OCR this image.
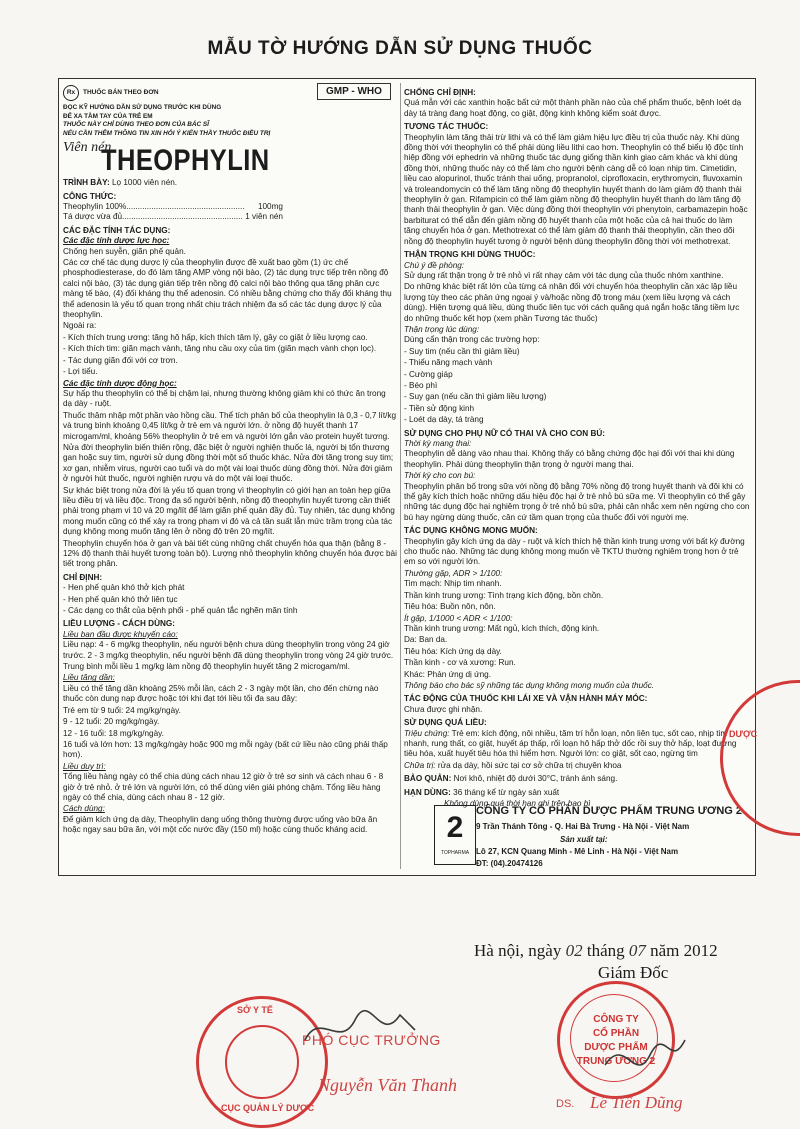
MẪU TỜ HƯỚNG DẪN SỬ DỤNG THUỐC
Rx	THUỐC BÁN THEO ĐƠN
ĐỌC KỸ HƯỚNG DẪN SỬ DỤNG TRƯỚC KHI DÙNG
ĐỂ XA TẦM TAY CỦA TRẺ EM
THUỐC NÀY CHỈ DÙNG THEO ĐƠN CỦA BÁC SĨ
NẾU CẦN THÊM THÔNG TIN XIN HỎI Ý KIẾN THẦY THUỐC ĐIỀU TRỊ
Viên nén
THEOPHYLIN

TRÌNH BÀY: Lọ 1000 viên nén.

CÔNG THỨC:
Theophylin 100%.................................................... 100mg
Tá dược vừa đủ..................................................... 1 viên nén
CÁC ĐẶC TÍNH TÁC DỤNG:
Các đặc tính dược lực học:

Chống hen suyễn, giãn phế quản.

Các cơ chế tác dụng dược lý của theophylin được đề xuất bao gồm (1) ức chế phosphodiesterase, do đó làm tăng AMP vòng nội bào, (2) tác dụng trực tiếp trên nồng độ calci nội bào, (3) tác dụng gián tiếp trên nồng độ calci nội bào thông qua tăng phân cực màng tế bào, (4) đối kháng thụ thể adenosin. Có nhiều bằng chứng cho thấy đối kháng thụ thể adenosin là yếu tố quan trọng nhất chịu trách nhiệm đa số các tác dụng dược lý của theophylin.

Ngoài ra:

- Kích thích trung ương: tăng hô hấp, kích thích tâm lý, gây co giật ở liều lượng cao.

- Kích thích tim: giãn mạch vành, tăng nhu cầu oxy của tim (giãn mạch vành chọn lọc).

- Tác dụng giãn đối với cơ trơn.

- Lợi tiểu.

Các đặc tính dược động học:

Sự hấp thu theophylin có thể bị chậm lại, nhưng thường không giảm khi có thức ăn trong dạ dày - ruột.

Thuốc thâm nhập một phần vào hồng cầu. Thể tích phân bố của theophylin là 0,3 - 0,7 lít/kg và trung bình khoảng 0,45 lít/kg ở trẻ em và người lớn. ở nồng độ huyết thanh 17 microgam/ml, khoảng 56% theophylin ở trẻ em và người lớn gắn vào protein huyết tương.

Nửa đời theophylin biến thiên rộng, đặc biệt ở người nghiện thuốc lá, người bị tổn thương gan hoặc suy tim, người sử dụng đồng thời một số thuốc khác. Nửa đời tăng trong suy tim; xơ gan, nhiễm virus, người cao tuổi và do một vài loại thuốc dùng đồng thời. Nửa đời giảm ở người hút thuốc, người nghiện rượu và do một vài loại thuốc.

Sự khác biệt trong nửa đời là yếu tố quan trọng vì theophylin có giới hạn an toàn hẹp giữa liều điều trị và liều độc. Trong đa số người bệnh, nồng độ theophylin huyết tương cần thiết phải trong phạm vi 10 và 20 mg/lít để làm giãn phế quản đầy đủ. Tuy nhiên, tác dụng không mong muốn cũng có thể xảy ra trong phạm vi đó và cả tần suất lẫn mức trầm trọng của tác dụng không mong muốn tăng lên ở nồng độ trên 20 mg/lít.

Theophylin chuyển hóa ở gan và bài tiết cùng những chất chuyển hóa qua thận (bằng 8 - 12% độ thanh thải huyết tương toàn bộ). Lượng nhỏ theophylin không chuyển hóa được bài tiết trong phân.

CHỈ ĐỊNH:

- Hen phế quản khó thở kịch phát

- Hen phế quản khó thở liên tục

- Các dạng co thắt của bệnh phổi - phế quản tắc nghẽn mãn tính

LIỀU LƯỢNG - CÁCH DÙNG:
Liều ban đầu được khuyến cáo:

Liều nạp: 4 - 6 mg/kg theophylin, nếu người bệnh chưa dùng theophylin trong vòng 24 giờ trước. 2 - 3 mg/kg theophylin, nếu người bệnh đã dùng theophylin trong vòng 24 giờ trước.

Trung bình mỗi liều 1 mg/kg làm nồng độ theophylin huyết tăng 2 microgam/ml.

Liều tăng dần:

Liều có thể tăng dần khoảng 25% mỗi lần, cách 2 - 3 ngày một lần, cho đến chừng nào thuốc còn dung nạp được hoặc tới khi đạt tới liều tối đa sau đây:

Trẻ em từ 9 tuổi: 24 mg/kg/ngày.

9 - 12 tuổi: 20 mg/kg/ngày.

12 - 16 tuổi: 18 mg/kg/ngày.

16 tuổi và lớn hơn: 13 mg/kg/ngày hoặc 900 mg mỗi ngày (bất cứ liều nào cũng phải thấp hơn).

Liều duy trì:

Tổng liều hàng ngày có thể chia dùng cách nhau 12 giờ ở trẻ sơ sinh và cách nhau 6 - 8 giờ ở trẻ nhỏ. ở trẻ lớn và người lớn, có thể dùng viên giải phóng chậm. Tổng liều hàng ngày có thể chia, dùng cách nhau 8 - 12 giờ.

Cách dùng:

Để giảm kích ứng dạ dày, Theophylin dạng uống thông thường được uống vào bữa ăn hoặc ngay sau bữa ăn, với một cốc nước đầy (150 ml) hoặc cùng thuốc kháng acid.

GMP - WHO	CHỐNG CHỈ ĐỊNH:

Quá mẫn với các xanthin hoặc bất cứ một thành phần nào của chế phẩm thuốc, bệnh loét dạ dày tá tràng đang hoạt động, co giật, động kinh không kiểm soát được.

TƯƠNG TÁC THUỐC:

Theophylin làm tăng thải trừ lithi và có thể làm giảm hiệu lực điều trị của thuốc này. Khi dùng đồng thời với theophylin có thể phải dùng liều lithi cao hơn. Theophylin có thể biểu lộ độc tính hiệp đồng với ephedrin và những thuốc tác dụng giống thần kinh giao cảm khác và khi dùng đồng thời, những thuốc này có thể làm cho người bệnh càng dễ có loạn nhịp tim. Cimetidin, liều cao alopurinol, thuốc tránh thai uống, propranolol, ciprofloxacin, erythromycin, fluvoxamin và troleandomycin có thể làm tăng nồng độ theophylin huyết thanh do làm giảm độ thanh thải theophylin ở gan. Rifampicin có thể làm giảm nồng độ theophylin huyết thanh do làm tăng độ thanh thải theophylin ở gan. Việc dùng đồng thời theophylin với phenytoin, carbamazepin hoặc barbiturat có thể dẫn đến giảm nồng độ huyết thanh của một hoặc của cả hai thuốc do làm tăng chuyển hóa ở gan. Methotrexat có thể làm giảm độ thanh thải theophylin, cần theo dõi nồng độ theophylin huyết tương ở người bệnh dùng theophylin đồng thời với methotrexat.

THẬN TRỌNG KHI DÙNG THUỐC:
Chú ý đề phòng:

Sử dụng rất thận trọng ở trẻ nhỏ vì rất nhạy cảm với tác dụng của thuốc nhóm xanthine.

Do những khác biệt rất lớn của từng cá nhân đối với chuyển hóa theophylin cần xác lập liều lượng tùy theo các phản ứng ngoại ý và/hoặc nồng độ trong máu (xem liều lượng và cách dùng). Hiện tượng quá liều, dùng thuốc liên tục với cách quãng quá ngắn hoặc tăng tiềm lực do những thuốc kết hợp (xem phần Tương tác thuốc)

Thận trọng lúc dùng:

Dùng cẩn thận trong các trường hợp:

- Suy tim (nếu cần thì giảm liều)

- Thiểu năng mạch vành

- Cường giáp

- Béo phì

- Suy gan (nếu cần thì giảm liều lượng)

- Tiền sử động kinh

- Loét dạ dày, tá tràng

SỬ DỤNG CHO PHỤ NỮ CÓ THAI VÀ CHO CON BÚ:
Thời kỳ mang thai:

Theophylin dễ dàng vào nhau thai. Không thấy có bằng chứng độc hại đối với thai khi dùng theophylin. Phải dùng theophylin thận trọng ở người mang thai.

Thời kỳ cho con bú:

Theophylin phân bố trong sữa với nồng độ bằng 70% nồng độ trong huyết thanh và đôi khi có thể gây kích thích hoặc những dấu hiệu độc hại ở trẻ nhỏ bú sữa mẹ. Vì theophylin có thể gây những tác dụng độc hại nghiêm trọng ở trẻ nhỏ bú sữa, phải cân nhắc xem nên ngừng cho con bú hay ngừng dùng thuốc, cân cứ tầm quan trọng của thuốc đối với người mẹ.

TÁC DỤNG KHÔNG MONG MUỐN:

Theophylin gây kích ứng dạ dày - ruột và kích thích hệ thần kinh trung ương với bất kỳ đường cho thuốc nào. Những tác dụng không mong muốn về TKTU thường nghiêm trọng hơn ở trẻ em so với người lớn.

Thường gặp, ADR > 1/100:

Tim mạch: Nhịp tim nhanh.

Thần kinh trung ương: Tình trạng kích động, bồn chồn.

Tiêu hóa: Buồn nôn, nôn.

Ít gặp, 1/1000 < ADR < 1/100:

Thần kinh trung ương: Mất ngủ, kích thích, động kinh.

Da: Ban da.

Tiêu hóa: Kích ứng dạ dày.

Thần kinh - cơ và xương: Run.

Khác: Phản ứng dị ứng.

Thông báo cho bác sỹ những tác dụng không mong muốn của thuốc.

TÁC ĐỘNG CỦA THUỐC KHI LÁI XE VÀ VẬN HÀNH MÁY MÓC:

Chưa được ghi nhận.

SỬ DỤNG QUÁ LIỀU:

Triệu chứng: Trẻ em: kích động, nôi nhiều, tăm trí hỗn loạn, nôn liên tục, sốt cao, nhịp tim nhanh, rung thất, co giật, huyết áp thấp, rối loạn hô hấp thở dốc rồi suy thở hấp, loạt đường tiêu hóa, xuất huyết tiêu hóa thì hiểm hơn. Người lớn: co giật, sốt cao, ngừng tim

Chữa trị: rửa dạ dày, hồi sức tại cơ sở chữa trị chuyên khoa

BẢO QUẢN: Nơi khô, nhiệt độ dưới 30°C, tránh ánh sáng.

HẠN DÙNG: 36 tháng kể từ ngày sản xuất

Không dùng quá thời hạn ghi trên bao bì

2
TOPHARMA
CÔNG TY CỔ PHẦN DƯỢC PHẨM TRUNG ƯƠNG 2
9 Trần Thánh Tông - Q. Hai Bà Trưng - Hà Nội - Việt Nam
Sản xuất tại:
Lô 27, KCN Quang Minh - Mê Linh - Hà Nội - Việt Nam
ĐT: (04).20474126
DƯỢC
SỞ Y TẾ
CỤC QUẢN LÝ DƯỢC
CÔNG TY
CỔ PHẦN
DƯỢC PHẨM
TRUNG ƯƠNG 2
Hà nội, ngày 02 tháng 07 năm 2012
Giám Đốc
PHÓ CỤC TRƯỞNG
Nguyễn Văn Thanh
DS. Lê Tiến Dũng
